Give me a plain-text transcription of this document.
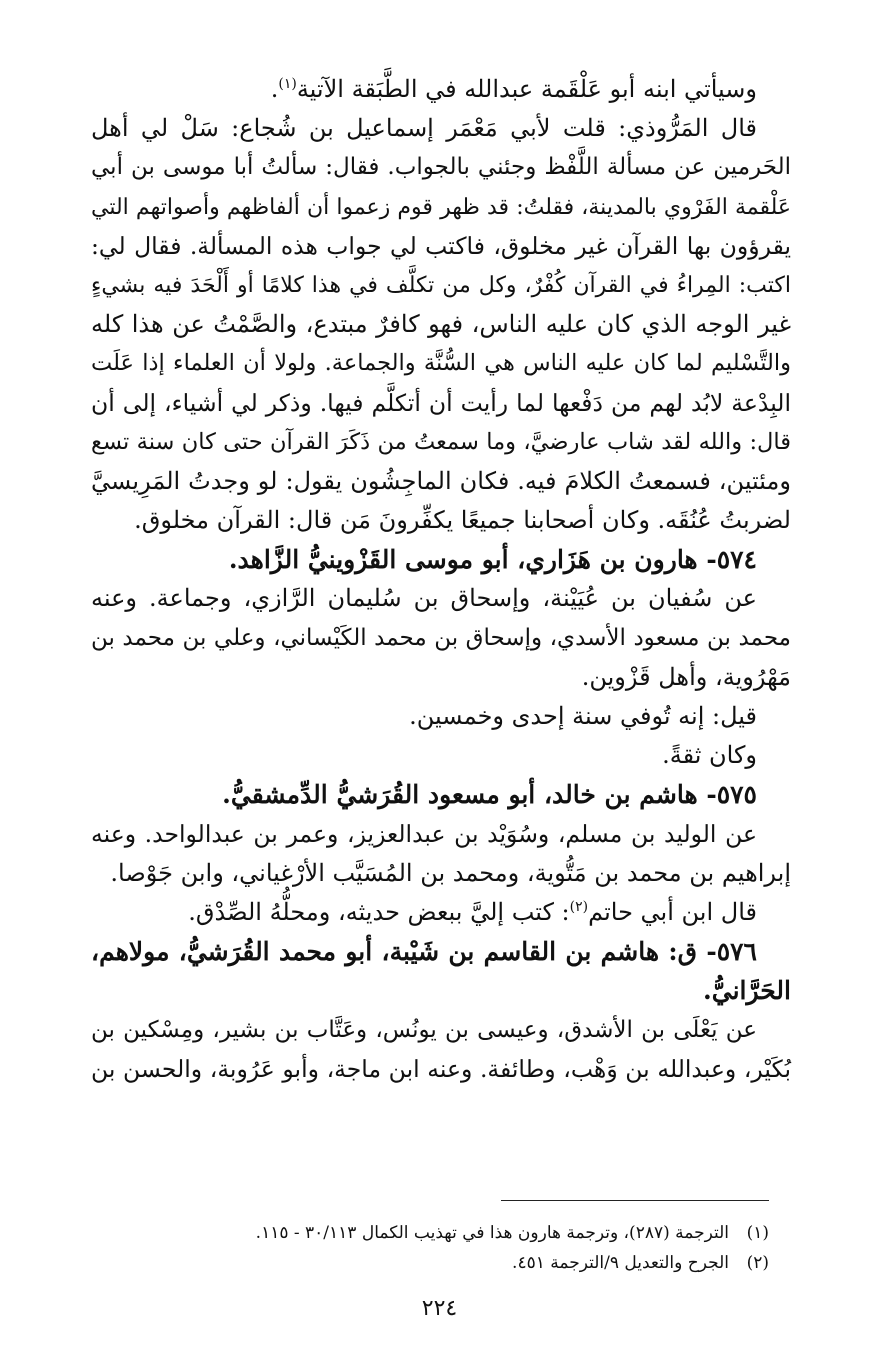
وسيأتي ابنه أبو عَلْقَمة عبدالله في الطَّبَقة الآتية$^{(١)}$.
قال المَرُّوذي: قلت لأبي مَعْمَر إسماعيل بن شُجاع: سَلْ لي أهل
الحَرمين عن مسألة اللَّفْظ وجئني بالجواب. فقال: سألتُ أبا موسى بن أبي
عَلْقمة الفَرْوي بالمدينة، فقلتُ: قد ظهر قوم زعموا أن ألفاظهم وأصواتهم التي
يقرؤون بها القرآن غير مخلوق، فاكتب لي جواب هذه المسألة. فقال لي:
اكتب: المِراءُ في القرآن كُفْرٌ، وكل من تكلَّف في هذا كلامًا أو أَلْحَدَ فيه بشيءٍ
غير الوجه الذي كان عليه الناس، فهو كافرٌ مبتدع، والصَّمْتُ عن هذا كله
والتَّسْليم لما كان عليه الناس هي السُّنَّة والجماعة. ولولا أن العلماء إذا عَلَت
البِدْعة لابُد لهم من دَفْعها لما رأيت أن أتكلَّم فيها. وذكر لي أشياء، إلى أن
قال: والله لقد شاب عارضيَّ، وما سمعتُ من ذَكَرَ القرآن حتى كان سنة تسع
ومئتين، فسمعتُ الكلامَ فيه. فكان الماجِشُون يقول: لو وجدتُ المَرِيسيَّ
لضربتُ عُنُقَه. وكان أصحابنا جميعًا يكفِّرونَ مَن قال: القرآن مخلوق.
٥٧٤- هارون بن هَزَاري، أبو موسى القَزْوينيُّ الزَّاهد.
عن سُفيان بن عُيَيْنة، وإسحاق بن سُليمان الرَّازي، وجماعة. وعنه
محمد بن مسعود الأسدي، وإسحاق بن محمد الكَيْساني، وعلي بن محمد بن
مَهْرُوية، وأهل قَزْوين.
قيل: إنه تُوفي سنة إحدى وخمسين.
وكان ثقةً.
٥٧٥- هاشم بن خالد، أبو مسعود القُرَشيُّ الدِّمشقيُّ.
عن الوليد بن مسلم، وسُوَيْد بن عبدالعزيز، وعمر بن عبدالواحد. وعنه
إبراهيم بن محمد بن مَتُّوية، ومحمد بن المُسَيَّب الأرْغياني، وابن جَوْصا.
قال ابن أبي حاتم$^{(٢)}$: كتب إليَّ ببعض حديثه، ومحلُّهُ الصِّدْق.
٥٧٦- ق: هاشم بن القاسم بن شَيْبة، أبو محمد القُرَشيُّ، مولاهم،
الحَرَّانيُّ.
عن يَعْلَى بن الأشدق، وعيسى بن يونُس، وعَتَّاب بن بشير، ومِسْكين بن
بُكَيْر، وعبدالله بن وَهْب، وطائفة. وعنه ابن ماجة، وأبو عَرُوبة، والحسن بن
(١)الترجمة (٢٨٧)، وترجمة هارون هذا في تهذيب الكمال ٣٠/١١٣ - ١١٥.
(٢)الجرح والتعديل ٩/الترجمة ٤٥١.
٢٢٤
